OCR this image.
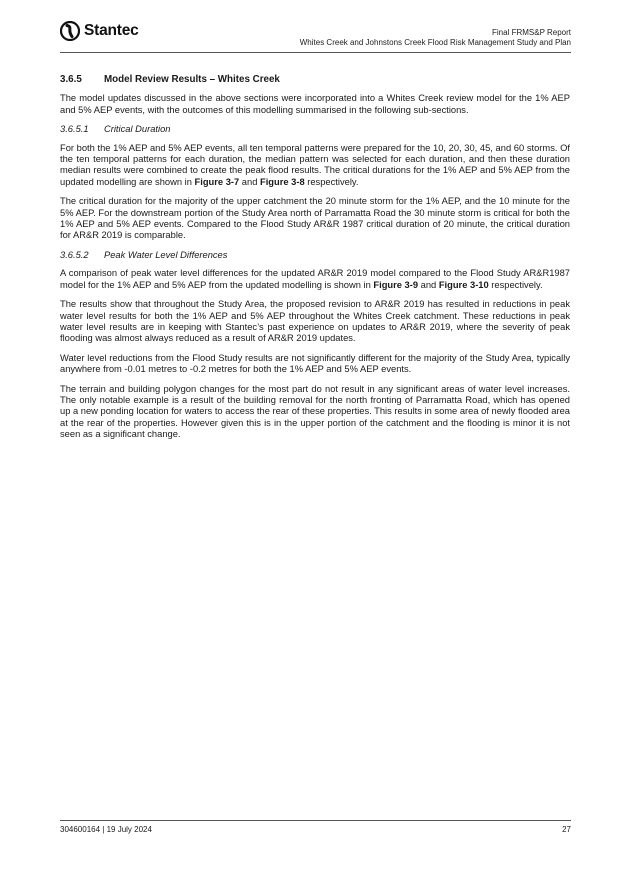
Stantec	Final FRMS&P Report
Whites Creek and Johnstons Creek Flood Risk Management Study and Plan
3.6.5	Model Review Results – Whites Creek

The model updates discussed in the above sections were incorporated into a Whites Creek review model for the 1% AEP and 5% AEP events, with the outcomes of this modelling summarised in the following sub-sections.

3.6.5.1	Critical Duration

For both the 1% AEP and 5% AEP events, all ten temporal patterns were prepared for the 10, 20, 30, 45, and 60 storms. Of the ten temporal patterns for each duration, the median pattern was selected for each duration, and then these duration median results were combined to create the peak flood results. The critical durations for the 1% AEP and 5% AEP from the updated modelling are shown in Figure 3-7 and Figure 3-8 respectively.

The critical duration for the majority of the upper catchment the 20 minute storm for the 1% AEP, and the 10 minute for the 5% AEP. For the downstream portion of the Study Area north of Parramatta Road the 30 minute storm is critical for both the 1% AEP and 5% AEP events. Compared to the Flood Study AR&R 1987 critical duration of 20 minute, the critical duration for AR&R 2019 is comparable.

3.6.5.2	Peak Water Level Differences

A comparison of peak water level differences for the updated AR&R 2019 model compared to the Flood Study AR&R1987 model for the 1% AEP and 5% AEP from the updated modelling is shown in Figure 3-9 and Figure 3-10 respectively.

The results show that throughout the Study Area, the proposed revision to AR&R 2019 has resulted in reductions in peak water level results for both the 1% AEP and 5% AEP throughout the Whites Creek catchment. These reductions in peak water level results are in keeping with Stantec’s past experience on updates to AR&R 2019, where the severity of peak flooding was almost always reduced as a result of AR&R 2019 updates.

Water level reductions from the Flood Study results are not significantly different for the majority of the Study Area, typically anywhere from -0.01 metres to -0.2 metres for both the 1% AEP and 5% AEP events.

The terrain and building polygon changes for the most part do not result in any significant areas of water level increases. The only notable example is a result of the building removal for the north fronting of Parramatta Road, which has opened up a new ponding location for waters to access the rear of these properties. This results in some area of newly flooded area at the rear of the properties. However given this is in the upper portion of the catchment and the flooding is minor it is not seen as a significant change.

304600164 | 19 July 2024	27
